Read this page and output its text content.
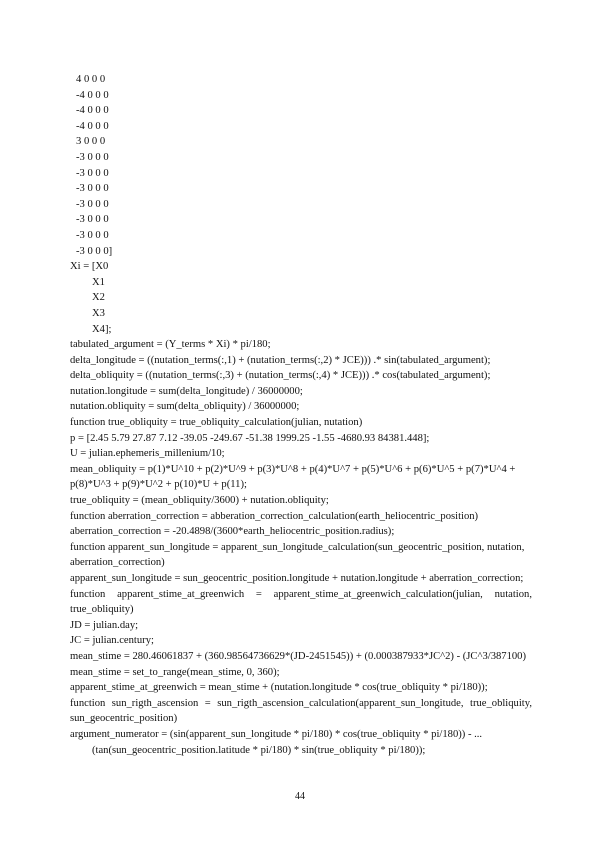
4 0 0 0
-4 0 0 0
-4 0 0 0
-4 0 0 0
3 0 0 0
-3 0 0 0
-3 0 0 0
-3 0 0 0
-3 0 0 0
-3 0 0 0
-3 0 0 0
-3 0 0 0]
Xi = [X0
X1
X2
X3
X4];
tabulated_argument = (Y_terms * Xi) * pi/180;
delta_longitude = ((nutation_terms(:,1) + (nutation_terms(:,2) * JCE))) .* sin(tabulated_argument);
delta_obliquity = ((nutation_terms(:,3) + (nutation_terms(:,4) * JCE))) .* cos(tabulated_argument);
nutation.longitude = sum(delta_longitude) / 36000000;
nutation.obliquity = sum(delta_obliquity) / 36000000;
function true_obliquity = true_obliquity_calculation(julian, nutation)
p = [2.45 5.79 27.87 7.12 -39.05 -249.67 -51.38 1999.25 -1.55 -4680.93 84381.448];
U = julian.ephemeris_millenium/10;
mean_obliquity = p(1)*U^10 + p(2)*U^9 + p(3)*U^8 + p(4)*U^7 + p(5)*U^6 + p(6)*U^5 + p(7)*U^4 +
p(8)*U^3 + p(9)*U^2 + p(10)*U + p(11);
true_obliquity = (mean_obliquity/3600) + nutation.obliquity;
function aberration_correction = abberation_correction_calculation(earth_heliocentric_position)
aberration_correction = -20.4898/(3600*earth_heliocentric_position.radius);
function apparent_sun_longitude = apparent_sun_longitude_calculation(sun_geocentric_position, nutation,
aberration_correction)
apparent_sun_longitude = sun_geocentric_position.longitude + nutation.longitude + aberration_correction;
function apparent_stime_at_greenwich = apparent_stime_at_greenwich_calculation(julian, nutation,
true_obliquity)
JD = julian.day;
JC = julian.century;
mean_stime = 280.46061837 + (360.98564736629*(JD-2451545)) + (0.000387933*JC^2) - (JC^3/387100)
mean_stime = set_to_range(mean_stime, 0, 360);
apparent_stime_at_greenwich = mean_stime + (nutation.longitude * cos(true_obliquity * pi/180));
function sun_rigth_ascension = sun_rigth_ascension_calculation(apparent_sun_longitude, true_obliquity,
sun_geocentric_position)
argument_numerator = (sin(apparent_sun_longitude * pi/180) * cos(true_obliquity * pi/180)) - ...
(tan(sun_geocentric_position.latitude * pi/180) * sin(true_obliquity * pi/180));
44
